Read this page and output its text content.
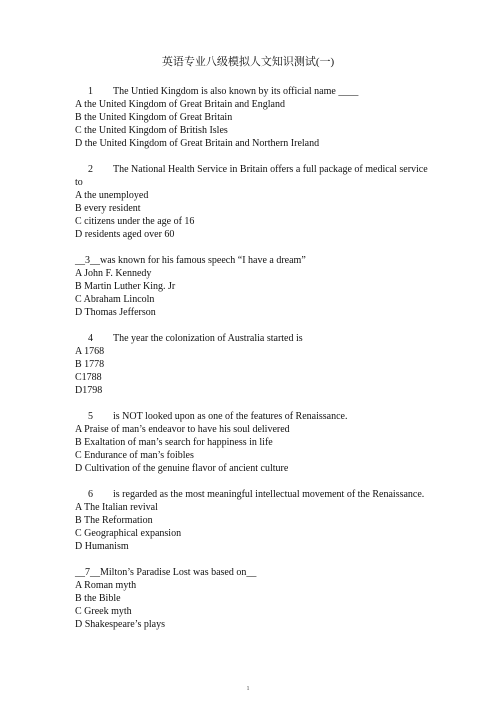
英语专业八级模拟人文知识测试(一)
1 The Untied Kingdom is also known by its official name ____
A the United Kingdom of Great Britain and England
B the United Kingdom of Great Britain
C the United Kingdom of British Isles
D the United Kingdom of Great Britain and Northern Ireland
2 The National Health Service in Britain offers a full package of medical service
to
A the unemployed
B every resident
C citizens under the age of 16
D residents aged over 60
__3__was known for his famous speech “I have a dream”
A John F. Kennedy
B Martin Luther King. Jr
C Abraham Lincoln
D Thomas Jefferson
4 The year the colonization of Australia started is
A 1768
B 1778
C1788
D1798
5 is NOT looked upon as one of the features of Renaissance.
A Praise of man’s endeavor to have his soul delivered
B Exaltation of man’s search for happiness in life
C Endurance of man’s foibles
D Cultivation of the genuine flavor of ancient culture
6 is regarded as the most meaningful intellectual movement of the Renaissance.
A The Italian revival
B The Reformation
C Geographical expansion
D Humanism
__7__Milton’s Paradise Lost was based on__
A Roman myth
B the Bible
C Greek myth
D Shakespeare’s plays
1
